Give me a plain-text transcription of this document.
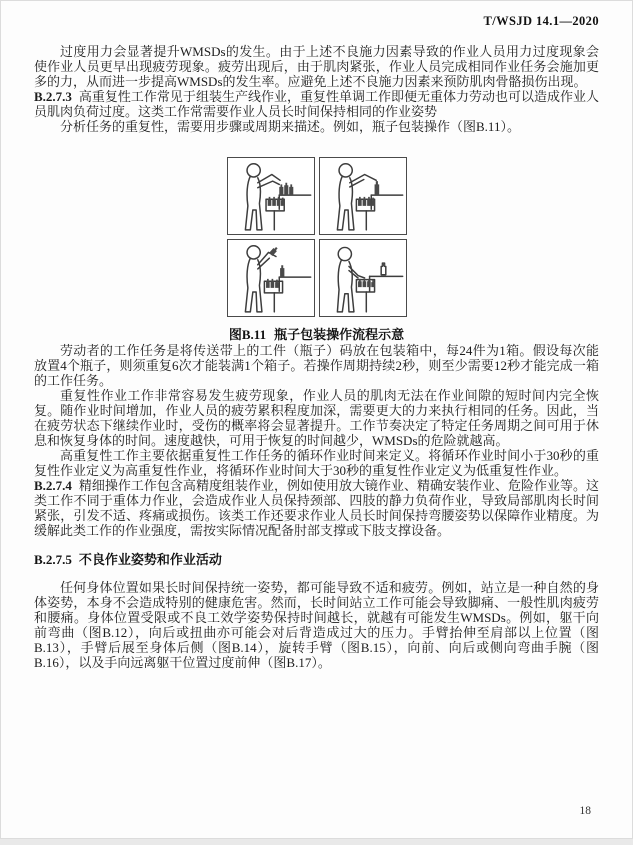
T/WSJD 14.1—2020

过度用力会显著提升WMSDs的发生。由于上述不良施力因素导致的作业人员用力过度现象会使作业人员更早出现疲劳现象。疲劳出现后，由于肌肉紧张，作业人员完成相同作业任务会施加更多的力，从而进一步提高WMSDs的发生率。应避免上述不良施力因素来预防肌肉骨骼损伤出现。

B.2.7.3 高重复性工作常见于组装生产线作业，重复性单调工作即便无重体力劳动也可以造成作业人员肌肉负荷过度。这类工作常需要作业人员长时间保持相同的作业姿势

分析任务的重复性，需要用步骤或周期来描述。例如，瓶子包装操作（图B.11）。

图B.11 瓶子包装操作流程示意

劳动者的工作任务是将传送带上的工件（瓶子）码放在包装箱中，每24件为1箱。假设每次能放置4个瓶子，则须重复6次才能装满1个箱子。若操作周期持续2秒，则至少需要12秒才能完成一箱的工作任务。

重复性作业工作非常容易发生疲劳现象，作业人员的肌肉无法在作业间隙的短时间内完全恢复。随作业时间增加，作业人员的疲劳累积程度加深，需要更大的力来执行相同的任务。因此，当在疲劳状态下继续作业时，受伤的概率将会显著提升。工作节奏决定了特定任务周期之间可用于休息和恢复身体的时间。速度越快，可用于恢复的时间越少，WMSDs的危险就越高。

高重复性工作主要依据重复性工作任务的循环作业时间来定义。将循环作业时间小于30秒的重复性作业定义为高重复性作业，将循环作业时间大于30秒的重复性作业定义为低重复性作业。

B.2.7.4 精细操作工作包含高精度组装作业，例如使用放大镜作业、精确安装作业、危险作业等。这类工作不同于重体力作业，会造成作业人员保持颈部、四肢的静力负荷作业，导致局部肌肉长时间紧张，引发不适、疼痛或损伤。该类工作还要求作业人员长时间保持弯腰姿势以保障作业精度。为缓解此类工作的作业强度，需按实际情况配备肘部支撑或下肢支撑设备。

B.2.7.5 不良作业姿势和作业活动

任何身体位置如果长时间保持统一姿势，都可能导致不适和疲劳。例如，站立是一种自然的身体姿势，本身不会造成特别的健康危害。然而，长时间站立工作可能会导致脚痛、一般性肌肉疲劳和腰痛。身体位置受限或不良工效学姿势保持时间越长，就越有可能发生WMSDs。例如，躯干向前弯曲（图B.12），向后或扭曲亦可能会对后背造成过大的压力。手臂抬伸至肩部以上位置（图B.13），手臂后展至身体后侧（图B.14），旋转手臂（图B.15），向前、向后或侧向弯曲手腕（图B.16），以及手向远离躯干位置过度前伸（图B.17）。

18
